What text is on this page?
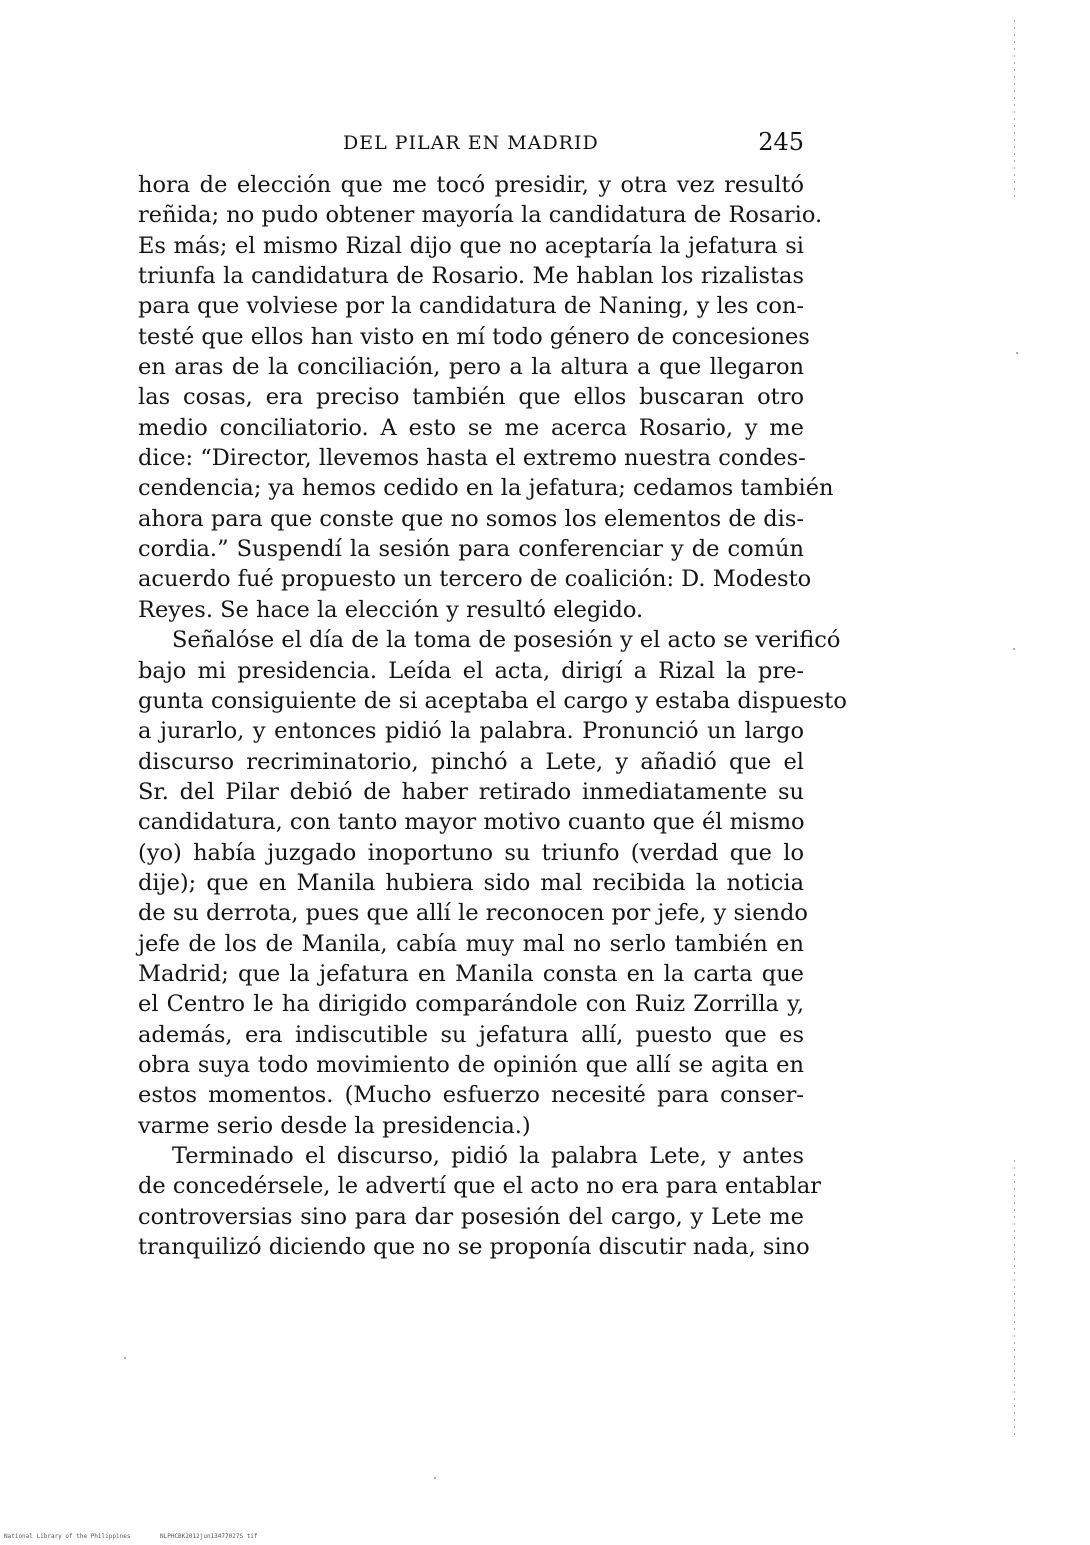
DEL PILAR EN MADRID	245
hora de elección que me tocó presidir, y otra vez resultó
reñida; no pudo obtener mayoría la candidatura de Rosario.
Es más; el mismo Rizal dijo que no aceptaría la jefatura si
triunfa la candidatura de Rosario. Me hablan los rizalistas
para que volviese por la candidatura de Naning, y les con-
testé que ellos han visto en mí todo género de concesiones
en aras de la conciliación, pero a la altura a que llegaron
las cosas, era preciso también que ellos buscaran otro
medio conciliatorio. A esto se me acerca Rosario, y me
dice: “Director, llevemos hasta el extremo nuestra condes-
cendencia; ya hemos cedido en la jefatura; cedamos también
ahora para que conste que no somos los elementos de dis-
cordia.” Suspendí la sesión para conferenciar y de común
acuerdo fué propuesto un tercero de coalición: D. Modesto
Reyes. Se hace la elección y resultó elegido.
Señalóse el día de la toma de posesión y el acto se verificó
bajo mi presidencia. Leída el acta, dirigí a Rizal la pre-
gunta consiguiente de si aceptaba el cargo y estaba dispuesto
a jurarlo, y entonces pidió la palabra. Pronunció un largo
discurso recriminatorio, pinchó a Lete, y añadió que el
Sr. del Pilar debió de haber retirado inmediatamente su
candidatura, con tanto mayor motivo cuanto que él mismo
(yo) había juzgado inoportuno su triunfo (verdad que lo
dije); que en Manila hubiera sido mal recibida la noticia
de su derrota, pues que allí le reconocen por jefe, y siendo
jefe de los de Manila, cabía muy mal no serlo también en
Madrid; que la jefatura en Manila consta en la carta que
el Centro le ha dirigido comparándole con Ruiz Zorrilla y,
además, era indiscutible su jefatura allí, puesto que es
obra suya todo movimiento de opinión que allí se agita en
estos momentos. (Mucho esfuerzo necesité para conser-
varme serio desde la presidencia.)
Terminado el discurso, pidió la palabra Lete, y antes
de concedérsele, le advertí que el acto no era para entablar
controversias sino para dar posesión del cargo, y Lete me
tranquilizó diciendo que no se proponía discutir nada, sino
National Library of the Philippines	NLPHCBK2012jun13477027S tif
